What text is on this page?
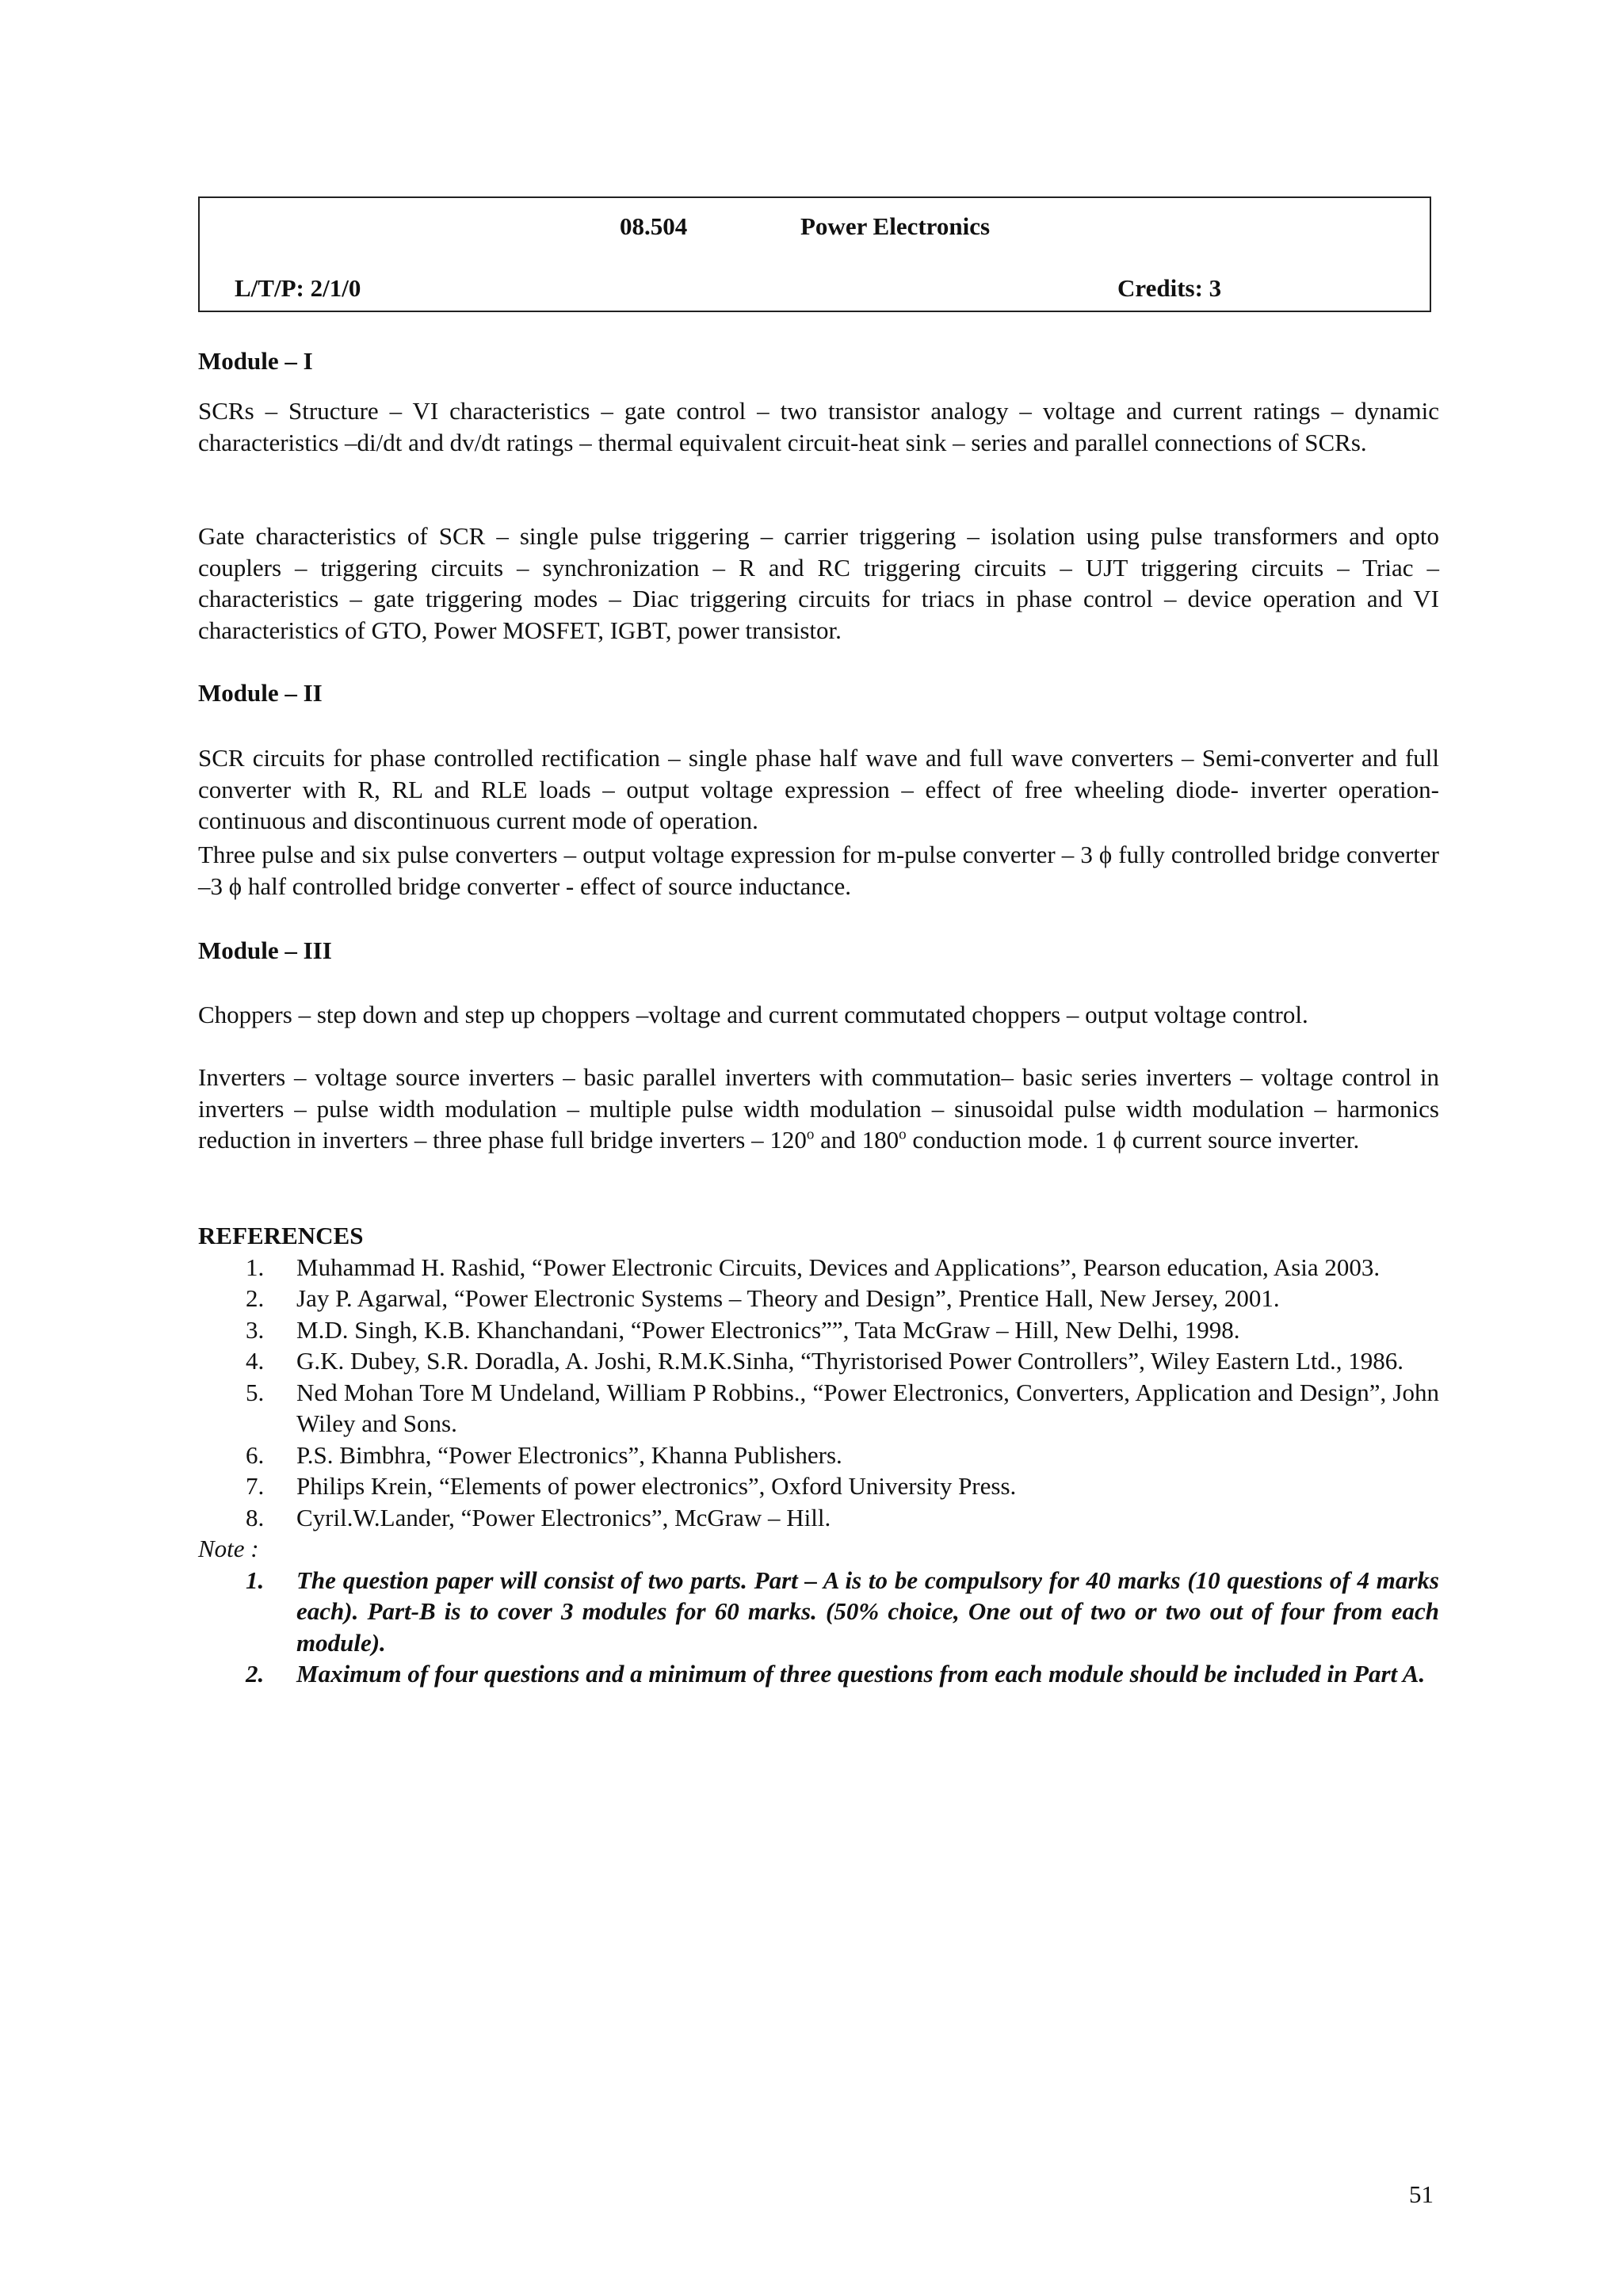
08.504	Power Electronics
L/T/P: 2/1/0	Credits: 3
Module – I
SCRs – Structure – VI characteristics – gate control – two transistor analogy – voltage and current ratings – dynamic characteristics –di/dt and dv/dt ratings – thermal equivalent circuit-heat sink – series and parallel connections of SCRs.
Gate characteristics of SCR – single pulse triggering – carrier triggering – isolation using pulse transformers and opto couplers – triggering circuits – synchronization – R and RC triggering circuits – UJT triggering circuits – Triac – characteristics – gate triggering modes – Diac triggering circuits for triacs in phase control – device operation and VI characteristics of GTO, Power MOSFET, IGBT, power transistor.
Module – II
SCR circuits for phase controlled rectification – single phase half wave and full wave converters – Semi-converter and full converter with R, RL and RLE loads – output voltage expression – effect of free wheeling diode- inverter operation-continuous and discontinuous current mode of operation.
Three pulse and six pulse converters – output voltage expression for m-pulse converter – 3 ϕ fully controlled bridge converter –3 ϕ half controlled bridge converter - effect of source inductance.
Module – III
Choppers – step down and step up choppers –voltage and current commutated choppers – output voltage control.
Inverters – voltage source inverters – basic parallel inverters with commutation– basic series inverters – voltage control in inverters – pulse width modulation – multiple pulse width modulation – sinusoidal pulse width modulation – harmonics reduction in inverters – three phase full bridge inverters – 120$^o$ and 180$^o$ conduction mode. 1 ϕ current source inverter.
REFERENCES
1. Muhammad H. Rashid, “Power Electronic Circuits, Devices and Applications”, Pearson education, Asia 2003.
2. Jay P. Agarwal, “Power Electronic Systems – Theory and Design”, Prentice Hall, New Jersey, 2001.
3. M.D. Singh, K.B. Khanchandani, “Power Electronics””, Tata McGraw – Hill, New Delhi, 1998.
4. G.K. Dubey, S.R. Doradla, A. Joshi, R.M.K.Sinha, “Thyristorised Power Controllers”, Wiley Eastern Ltd., 1986.
5. Ned Mohan Tore M Undeland, William P Robbins., “Power Electronics, Converters, Application and Design”, John Wiley and Sons.
6. P.S. Bimbhra, “Power Electronics”, Khanna Publishers.
7. Philips Krein, “Elements of power electronics”, Oxford University Press.
8. Cyril.W.Lander, “Power Electronics”, McGraw – Hill.
Note :
1. The question paper will consist of two parts. Part – A is to be compulsory for 40 marks (10 questions of 4 marks each). Part-B is to cover 3 modules for 60 marks. (50% choice, One out of two or two out of four from each module).
2. Maximum of four questions and a minimum of three questions from each module should be included in Part A.
51
